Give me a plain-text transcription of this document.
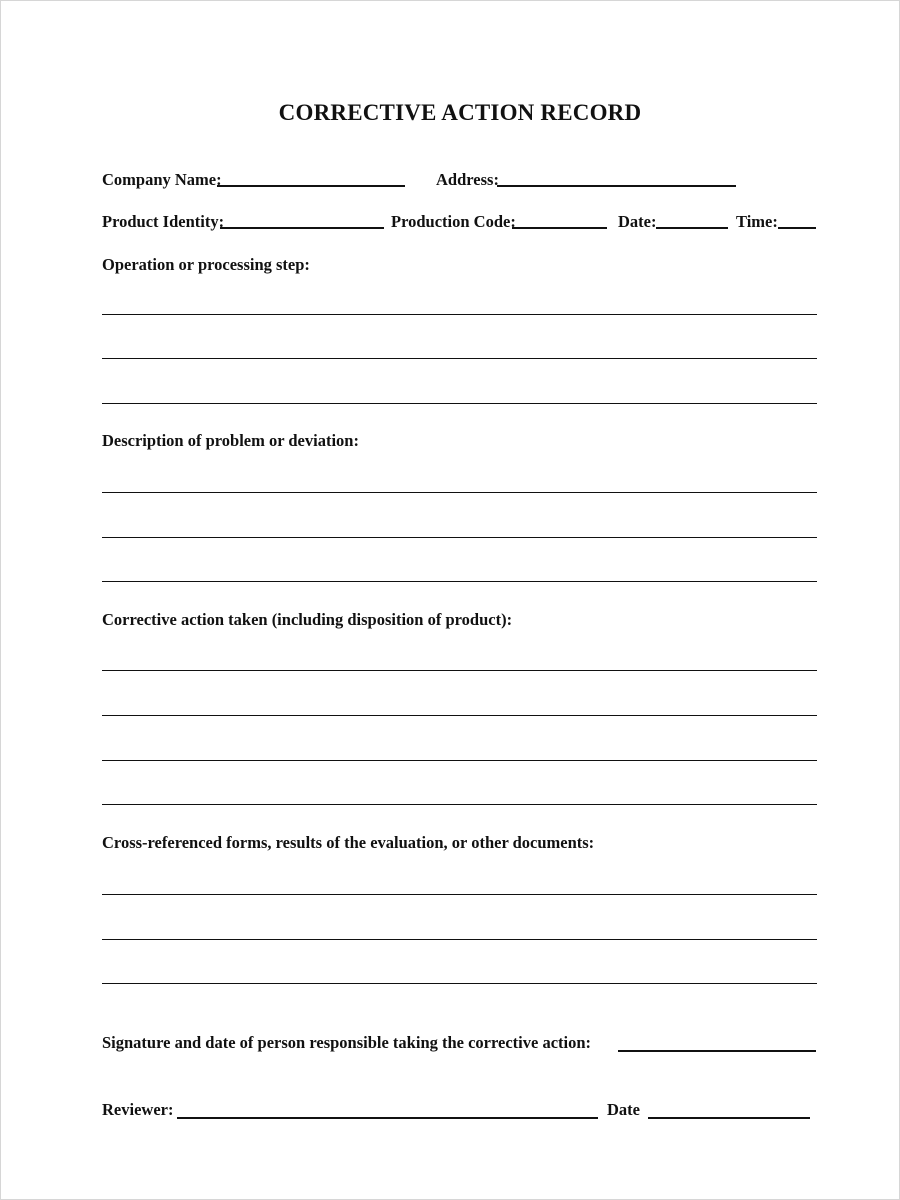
CORRECTIVE ACTION RECORD
Company Name:	Address:
Product Identity:	Production Code:	Date:	Time:
Operation or processing step:
Description of problem or deviation:
Corrective action taken (including disposition of product):
Cross-referenced forms, results of the evaluation, or other documents:
Signature and date of person responsible taking the corrective action:
Reviewer:	Date
